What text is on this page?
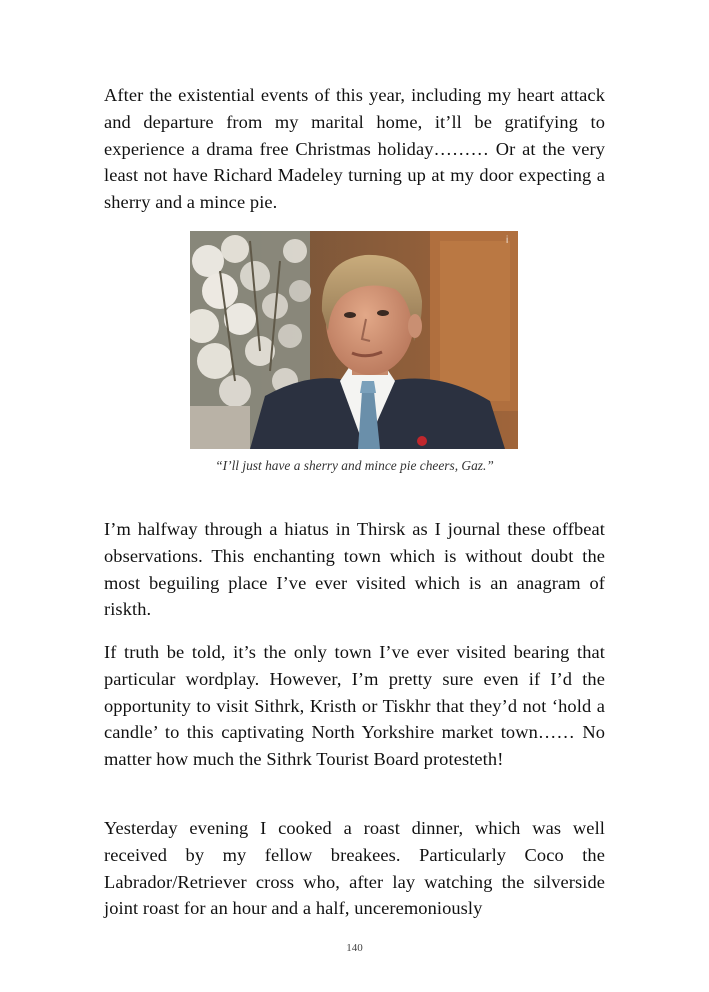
After the existential events of this year, including my heart attack and departure from my marital home, it’ll be gratifying to experience a drama free Christmas holiday……… Or at the very least not have Richard Madeley turning up at my door expecting a sherry and a mince pie.

i

“I’ll just have a sherry and mince pie cheers, Gaz.”

I’m halfway through a hiatus in Thirsk as I journal these offbeat observations. This enchanting town which is without doubt the most beguiling place I’ve ever visited which is an anagram of riskth.

If truth be told, it’s the only town I’ve ever visited bearing that particular wordplay. However, I’m pretty sure even if I’d the opportunity to visit Sithrk, Kristh or Tiskhr that they’d not ‘hold a candle’ to this captivating North Yorkshire market town…… No matter how much the Sithrk Tourist Board protesteth!

Yesterday evening I cooked a roast dinner, which was well received by my fellow breakees. Particularly Coco the Labrador/Retriever cross who, after lay watching the silverside joint roast for an hour and a half, unceremoniously

140
